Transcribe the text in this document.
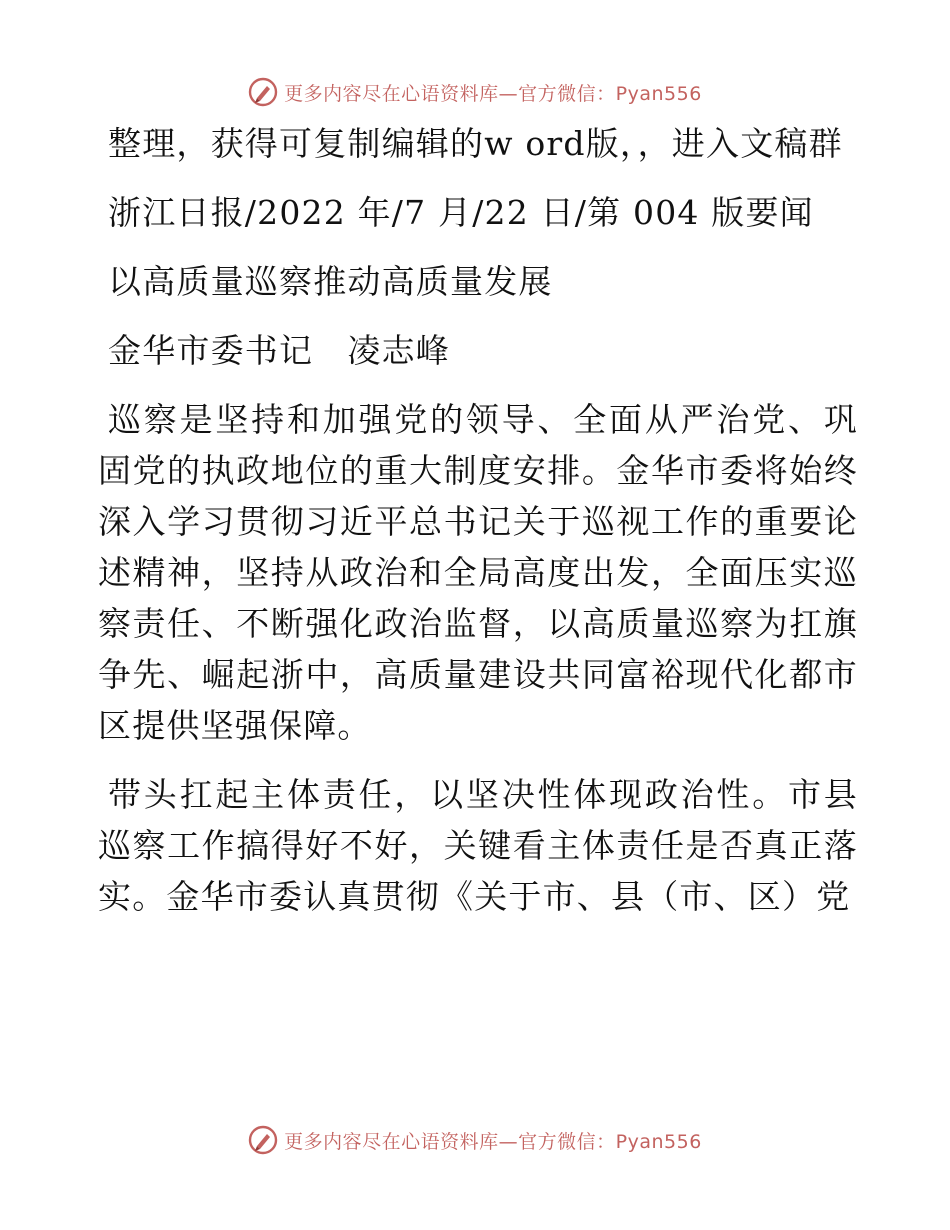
更多内容尽在心语资料库—官方微信：Pyan556

整理，获得可复制编辑的w ord版，，进入文稿群

浙江日报/2022 年/7 月/22 日/第 004 版要闻

以高质量巡察推动高质量发展

金华市委书记　凌志峰

巡察是坚持和加强党的领导、全面从严治党、巩固党的执政地位的重大制度安排。金华市委将始终深入学习贯彻习近平总书记关于巡视工作的重要论述精神，坚持从政治和全局高度出发，全面压实巡察责任、不断强化政治监督，以高质量巡察为扛旗争先、崛起浙中，高质量建设共同富裕现代化都市区提供坚强保障。

带头扛起主体责任，以坚决性体现政治性。市县巡察工作搞得好不好，关键看主体责任是否真正落实。金华市委认真贯彻《关于市、县（市、区）党

更多内容尽在心语资料库—官方微信：Pyan556
